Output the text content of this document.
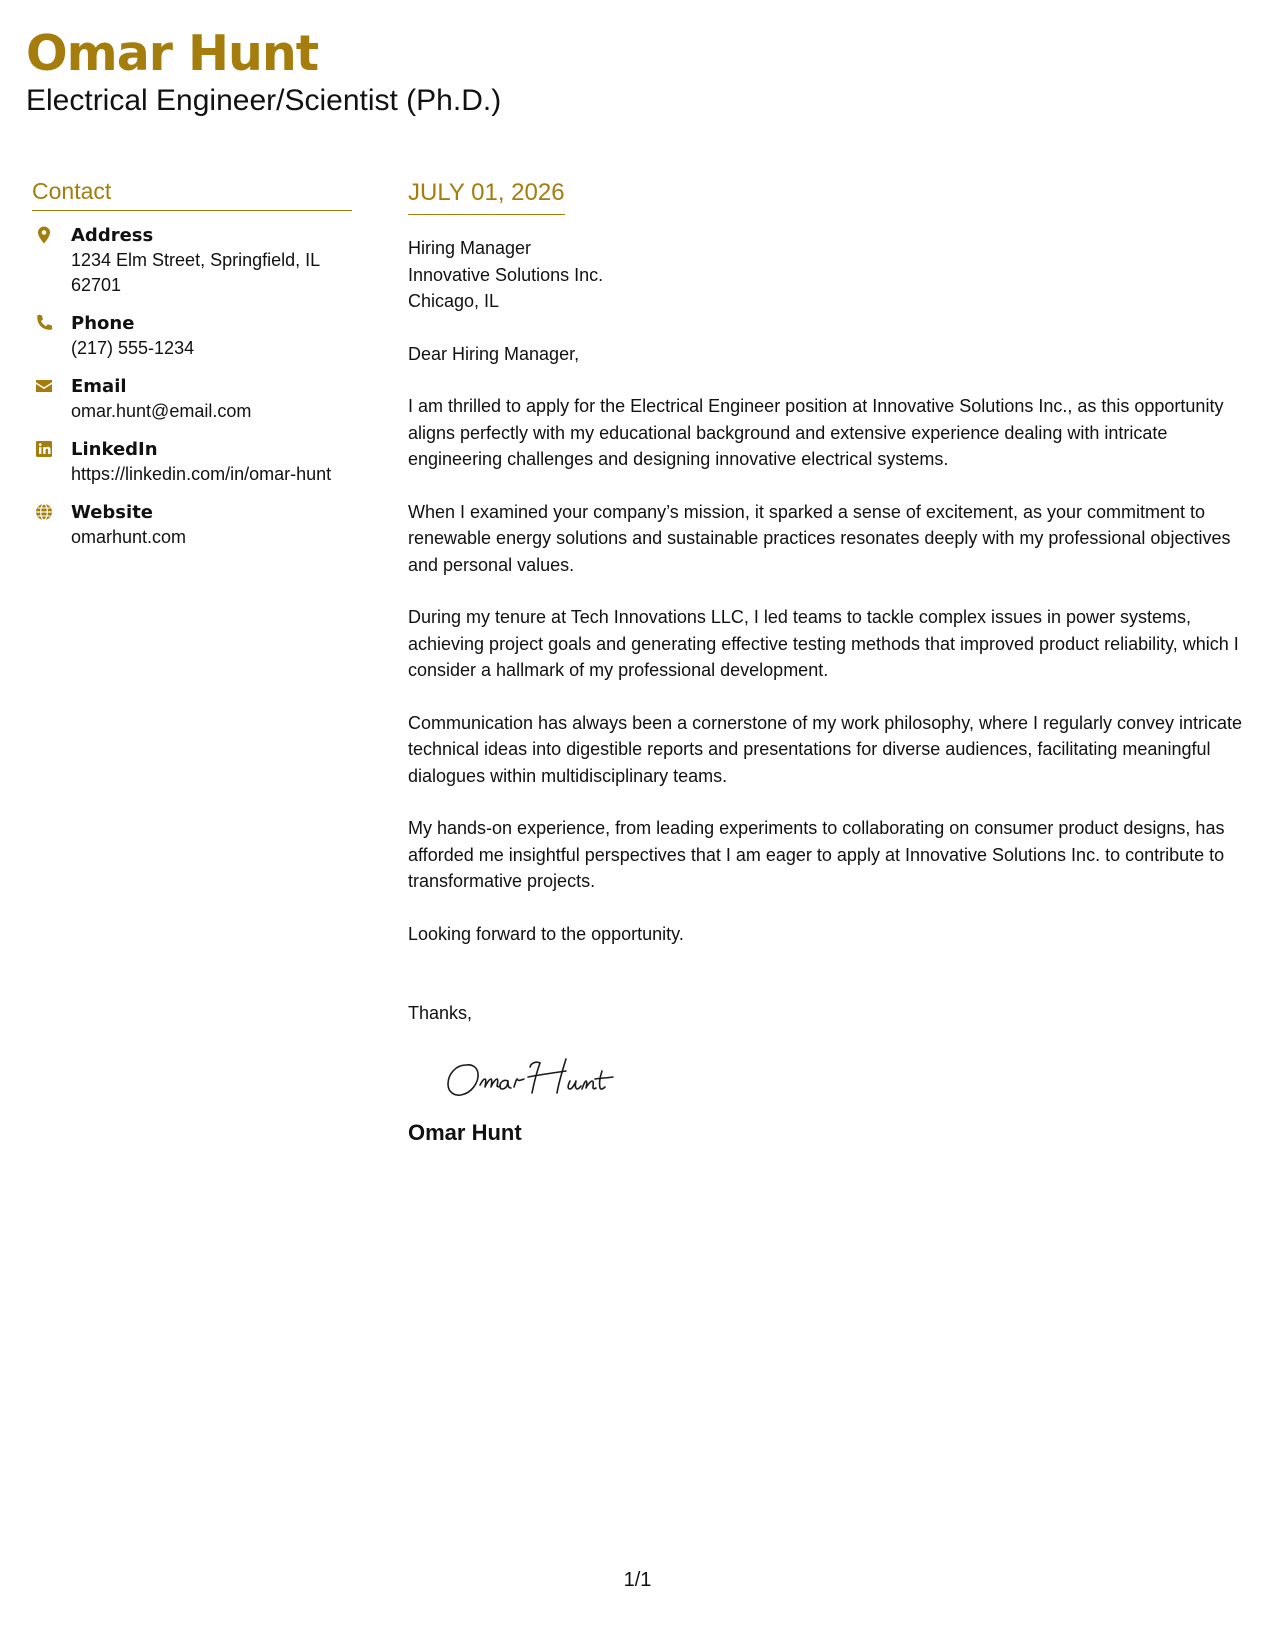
Omar Hunt
Electrical Engineer/Scientist (Ph.D.)
Contact
Address
1234 Elm Street, Springfield, IL 62701
Phone
(217) 555-1234
Email
omar.hunt@email.com
LinkedIn
https://linkedin.com/in/omar-hunt
Website
omarhunt.com
JULY 01, 2026
Hiring Manager
Innovative Solutions Inc.
Chicago, IL

Dear Hiring Manager,

I am thrilled to apply for the Electrical Engineer position at Innovative Solutions Inc., as this opportunity aligns perfectly with my educational background and extensive experience dealing with intricate engineering challenges and designing innovative electrical systems.

When I examined your company’s mission, it sparked a sense of excitement, as your commitment to renewable energy solutions and sustainable practices resonates deeply with my professional objectives and personal values.

During my tenure at Tech Innovations LLC, I led teams to tackle complex issues in power systems, achieving project goals and generating effective testing methods that improved product reliability, which I consider a hallmark of my professional development.

Communication has always been a cornerstone of my work philosophy, where I regularly convey intricate technical ideas into digestible reports and presentations for diverse audiences, facilitating meaningful dialogues within multidisciplinary teams.

My hands-on experience, from leading experiments to collaborating on consumer product designs, has afforded me insightful perspectives that I am eager to apply at Innovative Solutions Inc. to contribute to transformative projects.

Looking forward to the opportunity.

Thanks,

Omar Hunt
1/1
